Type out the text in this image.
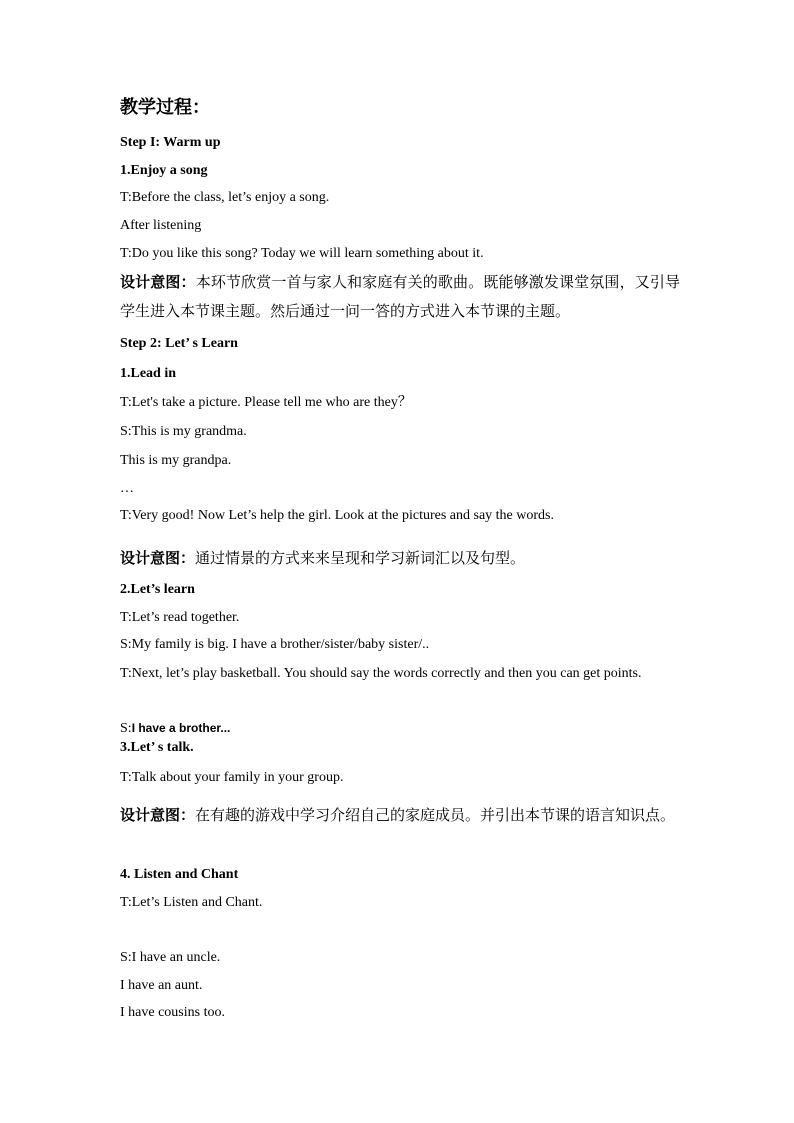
教学过程：
Step I: Warm up
1.Enjoy a song
T:Before the class, let’s enjoy a song.
After listening
T:Do you like this song? Today we will learn something about it.
设计意图：本环节欣赏一首与家人和家庭有关的歌曲。既能够激发课堂氛围，又引导学生进入本节课主题。然后通过一问一答的方式进入本节课的主题。
Step 2: Let’ s Learn
1.Lead in
T:Let's take a picture. Please tell me who are they？
S:This is my grandma.
This is my grandpa.
…
T:Very good! Now Let’s help the girl. Look at the pictures and say the words.
设计意图：通过情景的方式来来呈现和学习新词汇以及句型。
2.Let’s learn
T:Let’s read together.
S:My family is big. I have a brother/sister/baby sister/..
T:Next, let’s play basketball. You should say the words correctly and then you can get points.
S:I have a brother...
3.Let’ s talk.
T:Talk about your family in your group.
设计意图：在有趣的游戏中学习介绍自己的家庭成员。并引出本节课的语言知识点。
4. Listen and Chant
T:Let’s Listen and Chant.
S:I have an uncle.
I have an aunt.
I have cousins too.
